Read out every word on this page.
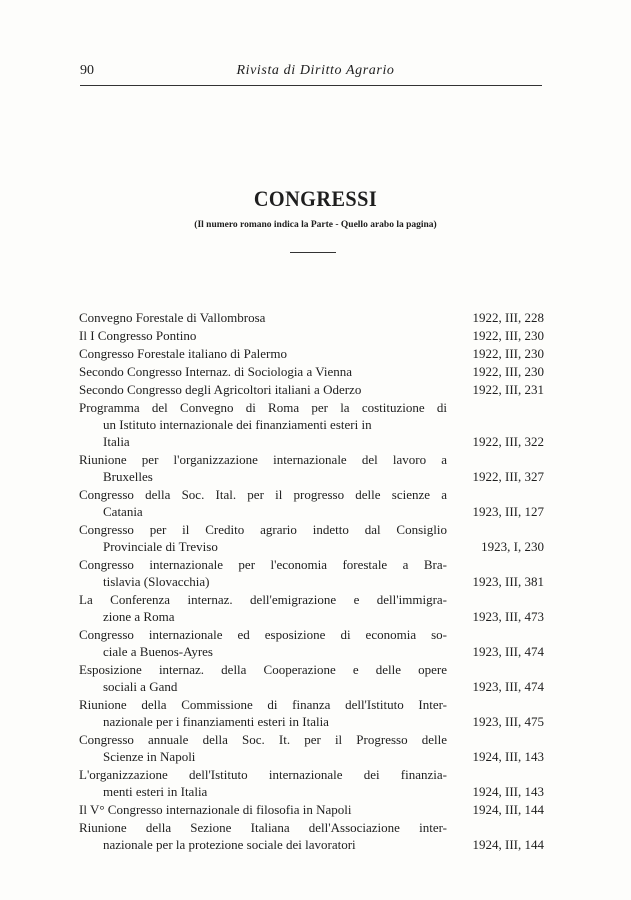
90	Rivista di Diritto Agrario
CONGRESSI
(Il numero romano indica la Parte - Quello arabo la pagina)
Convegno Forestale di Vallombrosa	1922, III, 228
Il I Congresso Pontino	1922, III, 230
Congresso Forestale italiano di Palermo	1922, III, 230
Secondo Congresso Internaz. di Sociologia a Vienna	1922, III, 230
Secondo Congresso degli Agricoltori italiani a Oderzo	1922, III, 231
Programma del Convegno di Roma per la costituzione di
un Istituto internazionale dei finanziamenti esteri in
Italia	1922, III, 322
Riunione per l'organizzazione internazionale del lavoro a
Bruxelles	1922, III, 327
Congresso della Soc. Ital. per il progresso delle scienze a
Catania	1923, III, 127
Congresso per il Credito agrario indetto dal Consiglio
Provinciale di Treviso	1923, I, 230
Congresso internazionale per l'economia forestale a Bra-
tislavia (Slovacchia)	1923, III, 381
La Conferenza internaz. dell'emigrazione e dell'immigra-
zione a Roma	1923, III, 473
Congresso internazionale ed esposizione di economia so-
ciale a Buenos-Ayres	1923, III, 474
Esposizione internaz. della Cooperazione e delle opere
sociali a Gand	1923, III, 474
Riunione della Commissione di finanza dell'Istituto Inter-
nazionale per i finanziamenti esteri in Italia	1923, III, 475
Congresso annuale della Soc. It. per il Progresso delle
Scienze in Napoli	1924, III, 143
L'organizzazione dell'Istituto internazionale dei finanzia-
menti esteri in Italia	1924, III, 143
Il V° Congresso internazionale di filosofia in Napoli	1924, III, 144
Riunione della Sezione Italiana dell'Associazione inter-
nazionale per la protezione sociale dei lavoratori	1924, III, 144
